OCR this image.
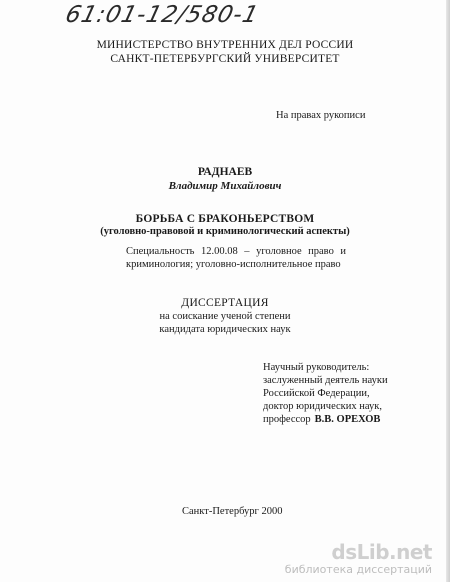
61:01-12/580-1
МИНИСТЕРСТВО ВНУТРЕННИХ ДЕЛ РОССИИ
САНКТ-ПЕТЕРБУРГСКИЙ УНИВЕРСИТЕТ
На правах рукописи
РАДНАЕВ
Владимир Михайлович
БОРЬБА С БРАКОНЬЕРСТВОМ
(уголовно-правовой и криминологический аспекты)
Специальность 12.00.08 – уголовное право и
криминология; уголовно-исполнительное право
ДИССЕРТАЦИЯ
на соискание ученой степени
кандидата юридических наук
Научный руководитель:
заслуженный деятель науки
Российской Федерации,
доктор юридических наук,
профессор В.В. ОРЕХОВ
Санкт-Петербург 2000
dsLib.net
библиотека диссертаций
